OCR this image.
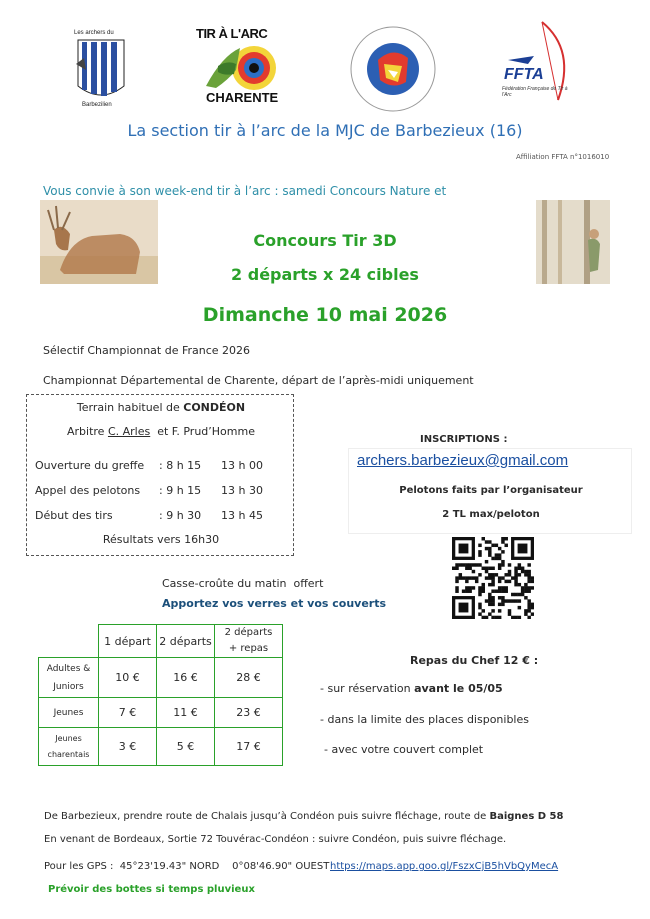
Les archers du
Barbezilien
TIR À L'ARC
CHARENTE
FFTA
Fédération Française de Tir à l'Arc
La section tir à l’arc de la MJC de Barbezieux (16)
Affiliation FFTA n°1016010
Vous convie à son week-end tir à l’arc : samedi Concours Nature et
Concours Tir 3D
2 départs x 24 cibles
Dimanche 10 mai 2026
Sélectif Championnat de France 2026
Championnat Départemental de Charente, départ de l’après-midi uniquement
Terrain habituel de CONDÉON
Arbitre C. Arles  et F. Prud’Homme
Ouverture du greffe	: 8 h 15	13 h 00
Appel des pelotons	: 9 h 15	13 h 30
Début des tirs	: 9 h 30	13 h 45
Résultats vers 16h30
INSCRIPTIONS :
archers.barbezieux@gmail.com
Pelotons faits par l’organisateur
2 TL max/peloton
Casse-croûte du matin  offert
Apportez vos verres et vos couverts
	1 départ	2 départs	2 départs
+ repas

Adultes &
Juniors	10 €	16 €	28 €
Jeunes	7 €	11 €	23 €

Jeunes
charentais	3 €	5 €	17 €
Repas du Chef 12 € :
- sur réservation avant le 05/05
- dans la limite des places disponibles
- avec votre couvert complet
De Barbezieux, prendre route de Chalais jusqu’à Condéon puis suivre fléchage, route de Baignes D 58
En venant de Bordeaux, Sortie 72 Touvérac-Condéon : suivre Condéon, puis suivre fléchage.
Pour les GPS :  45°23'19.43" NORD    0°08'46.90" OUEST https://maps.app.goo.gl/FszxCjB5hVbQyMecA
Prévoir des bottes si temps pluvieux
